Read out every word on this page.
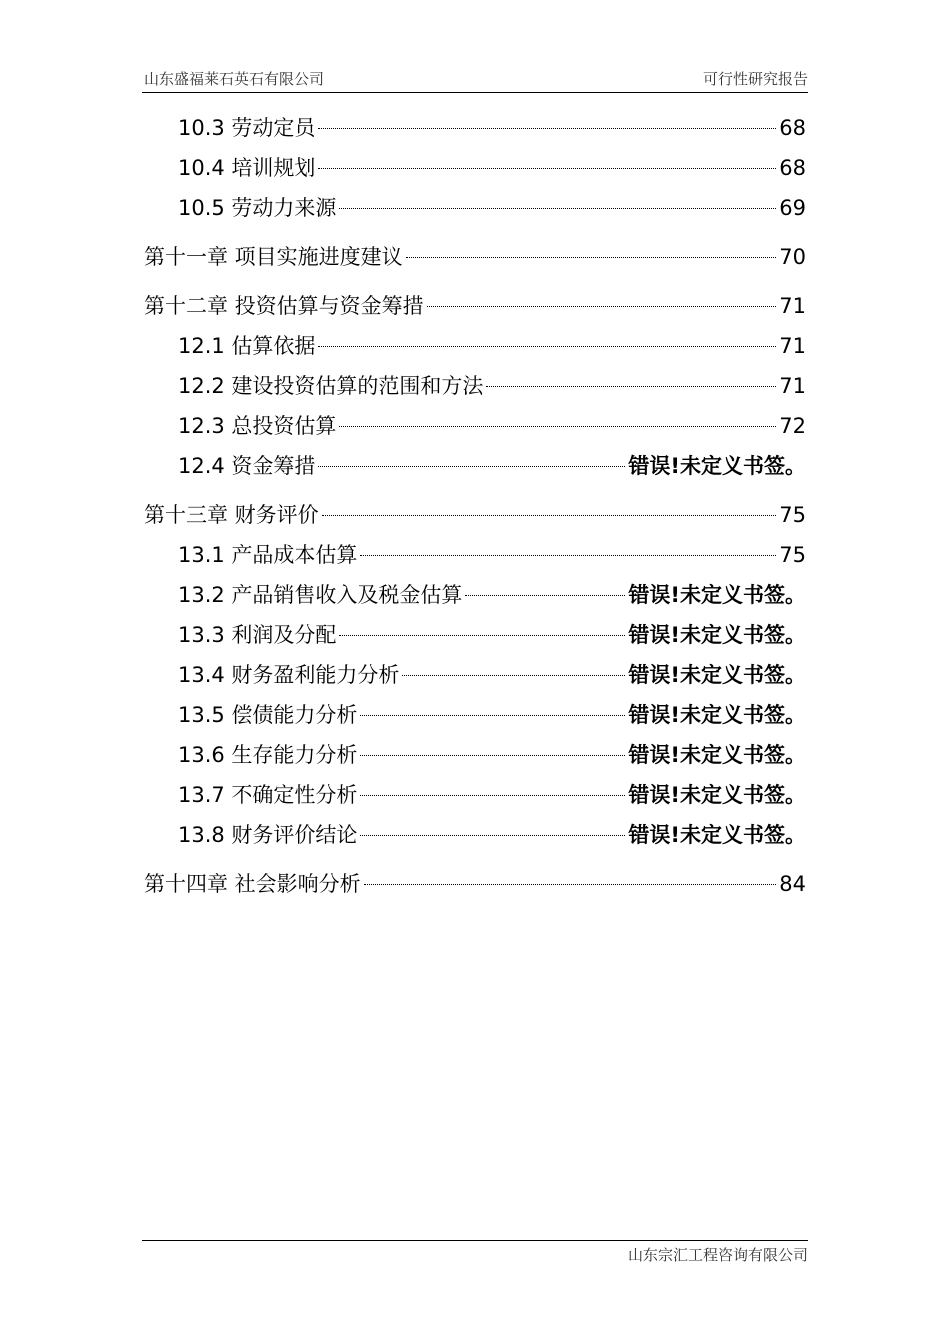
山东盛福莱石英石有限公司	可行性研究报告
10.3 劳动定员	68
10.4 培训规划	68
10.5 劳动力来源	69
第十一章 项目实施进度建议	70
第十二章 投资估算与资金筹措	71
12.1 估算依据	71
12.2 建设投资估算的范围和方法	71
12.3 总投资估算	72
12.4 资金筹措	错误!未定义书签。
第十三章 财务评价	75
13.1 产品成本估算	75
13.2 产品销售收入及税金估算	错误!未定义书签。
13.3 利润及分配	错误!未定义书签。
13.4 财务盈利能力分析	错误!未定义书签。
13.5 偿债能力分析	错误!未定义书签。
13.6 生存能力分析	错误!未定义书签。
13.7 不确定性分析	错误!未定义书签。
13.8 财务评价结论	错误!未定义书签。
第十四章 社会影响分析	84
山东宗汇工程咨询有限公司
